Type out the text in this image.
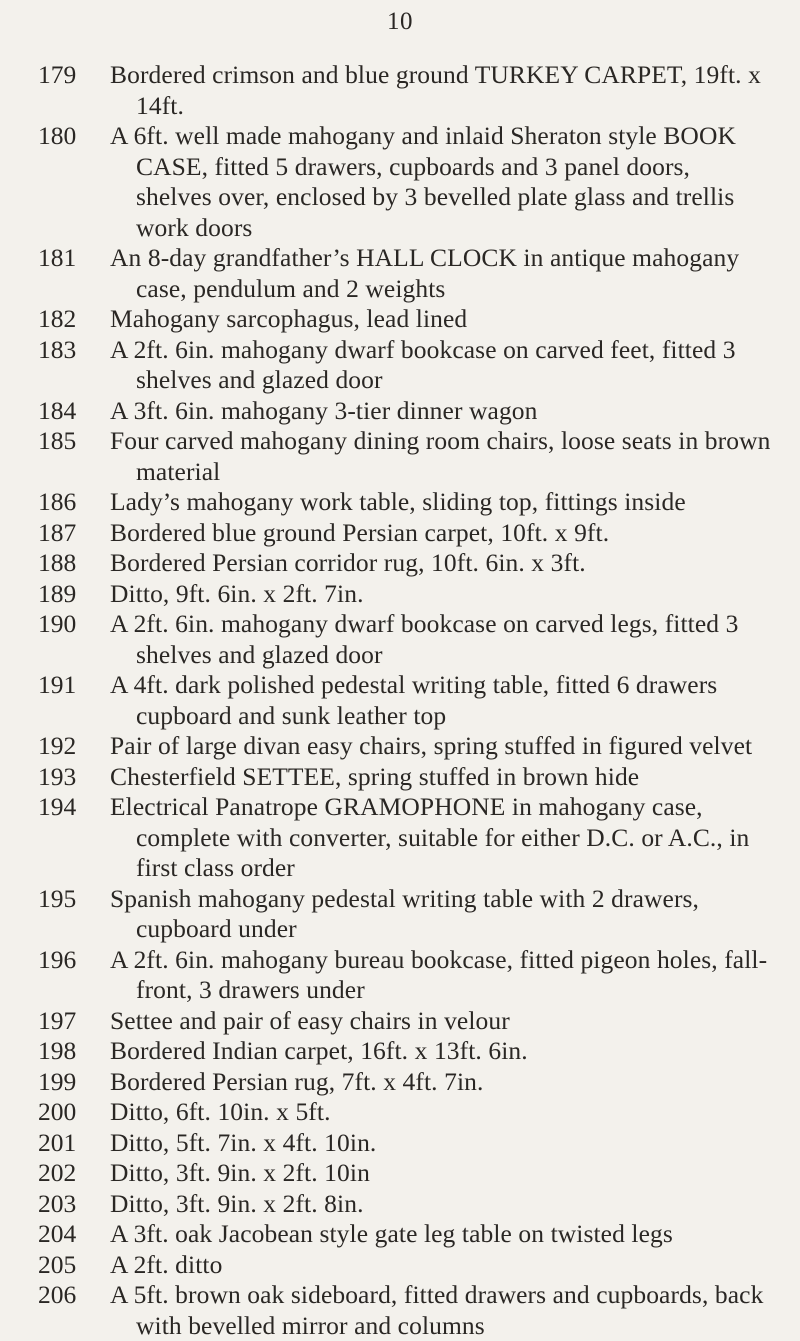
10
179	Bordered crimson and blue ground TURKEY CARPET, 19ft. x 14ft.
180	A 6ft. well made mahogany and inlaid Sheraton style BOOK CASE, fitted 5 drawers, cupboards and 3 panel doors, shelves over, enclosed by 3 bevelled plate glass and trellis work doors
181	An 8-day grandfather’s HALL CLOCK in antique mahogany case, pendulum and 2 weights
182	Mahogany sarcophagus, lead lined
183	A 2ft. 6in. mahogany dwarf bookcase on carved feet, fitted 3 shelves and glazed door
184	A 3ft. 6in. mahogany 3-tier dinner wagon
185	Four carved mahogany dining room chairs, loose seats in brown material
186	Lady’s mahogany work table, sliding top, fittings inside
187	Bordered blue ground Persian carpet, 10ft. x 9ft.
188	Bordered Persian corridor rug, 10ft. 6in. x 3ft.
189	Ditto, 9ft. 6in. x 2ft. 7in.
190	A 2ft. 6in. mahogany dwarf bookcase on carved legs, fitted 3 shelves and glazed door
191	A 4ft. dark polished pedestal writing table, fitted 6 drawers cupboard and sunk leather top
192	Pair of large divan easy chairs, spring stuffed in figured velvet
193	Chesterfield SETTEE, spring stuffed in brown hide
194	Electrical Panatrope GRAMOPHONE in mahogany case, complete with converter, suitable for either D.C. or A.C., in first class order
195	Spanish mahogany pedestal writing table with 2 drawers, cupboard under
196	A 2ft. 6in. mahogany bureau bookcase, fitted pigeon holes, fall-front, 3 drawers under
197	Settee and pair of easy chairs in velour
198	Bordered Indian carpet, 16ft. x 13ft. 6in.
199	Bordered Persian rug, 7ft. x 4ft. 7in.
200	Ditto, 6ft. 10in. x 5ft.
201	Ditto, 5ft. 7in. x 4ft. 10in.
202	Ditto, 3ft. 9in. x 2ft. 10in
203	Ditto, 3ft. 9in. x 2ft. 8in.
204	A 3ft. oak Jacobean style gate leg table on twisted legs
205	A 2ft. ditto
206	A 5ft. brown oak sideboard, fitted drawers and cupboards, back with bevelled mirror and columns
